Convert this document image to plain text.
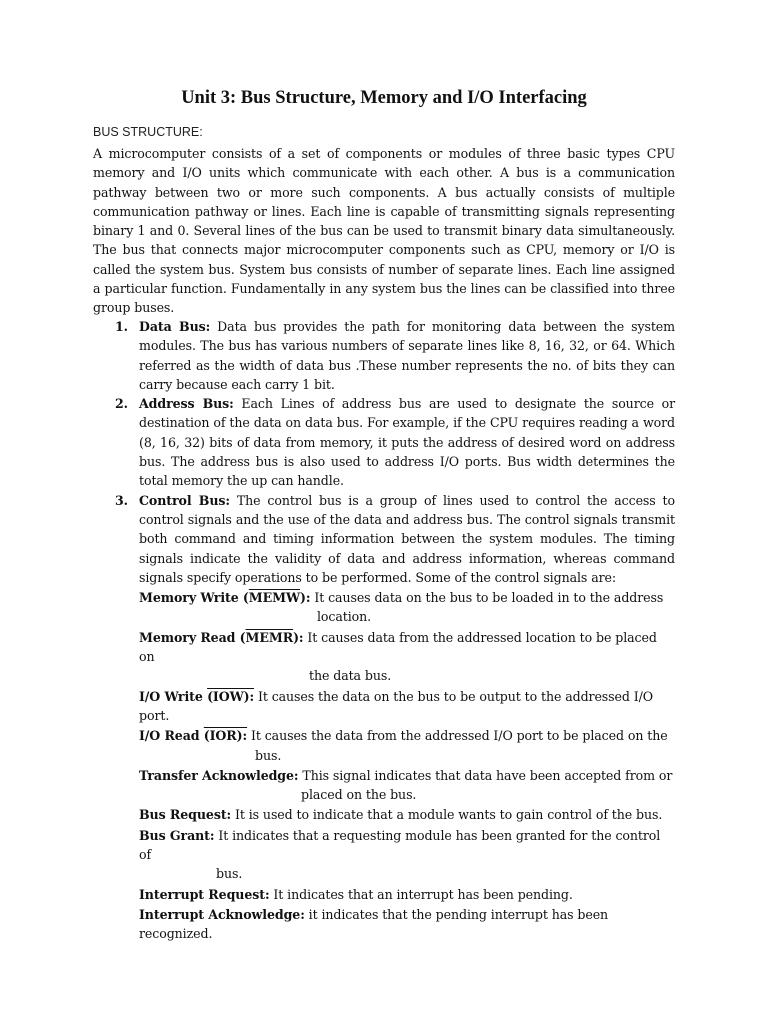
Unit 3: Bus Structure, Memory and I/O Interfacing
BUS STRUCTURE:
A microcomputer consists of a set of components or modules of three basic types CPU memory and I/O units which communicate with each other. A bus is a communication pathway between two or more such components. A bus actually consists of multiple communication pathway or lines. Each line is capable of transmitting signals representing binary 1 and 0. Several lines of the bus can be used to transmit binary data simultaneously. The bus that connects major microcomputer components such as CPU, memory or I/O is called the system bus. System bus consists of number of separate lines. Each line assigned a particular function. Fundamentally in any system bus the lines can be classified into three group buses.
1. Data Bus: Data bus provides the path for monitoring data between the system modules. The bus has various numbers of separate lines like 8, 16, 32, or 64. Which referred as the width of data bus .These number represents the no. of bits they can carry because each carry 1 bit.
2. Address Bus: Each Lines of address bus are used to designate the source or destination of the data on data bus. For example, if the CPU requires reading a word (8, 16, 32) bits of data from memory, it puts the address of desired word on address bus. The address bus is also used to address I/O ports. Bus width determines the total memory the up can handle.
3. Control Bus: The control bus is a group of lines used to control the access to control signals and the use of the data and address bus. The control signals transmit both command and timing information between the system modules. The timing signals indicate the validity of data and address information, whereas command signals specify operations to be performed. Some of the control signals are:
Memory Write (MEMW): It causes data on the bus to be loaded in to the address
location.
Memory Read (MEMR): It causes data from the addressed location to be placed on
the data bus.
I/O Write (IOW): It causes the data on the bus to be output to the addressed I/O port.
I/O Read (IOR): It causes the data from the addressed I/O port to be placed on the
bus.
Transfer Acknowledge: This signal indicates that data have been accepted from or
placed on the bus.
Bus Request: It is used to indicate that a module wants to gain control of the bus.
Bus Grant: It indicates that a requesting module has been granted for the control of
bus.
Interrupt Request: It indicates that an interrupt has been pending.
Interrupt Acknowledge: it indicates that the pending interrupt has been recognized.
